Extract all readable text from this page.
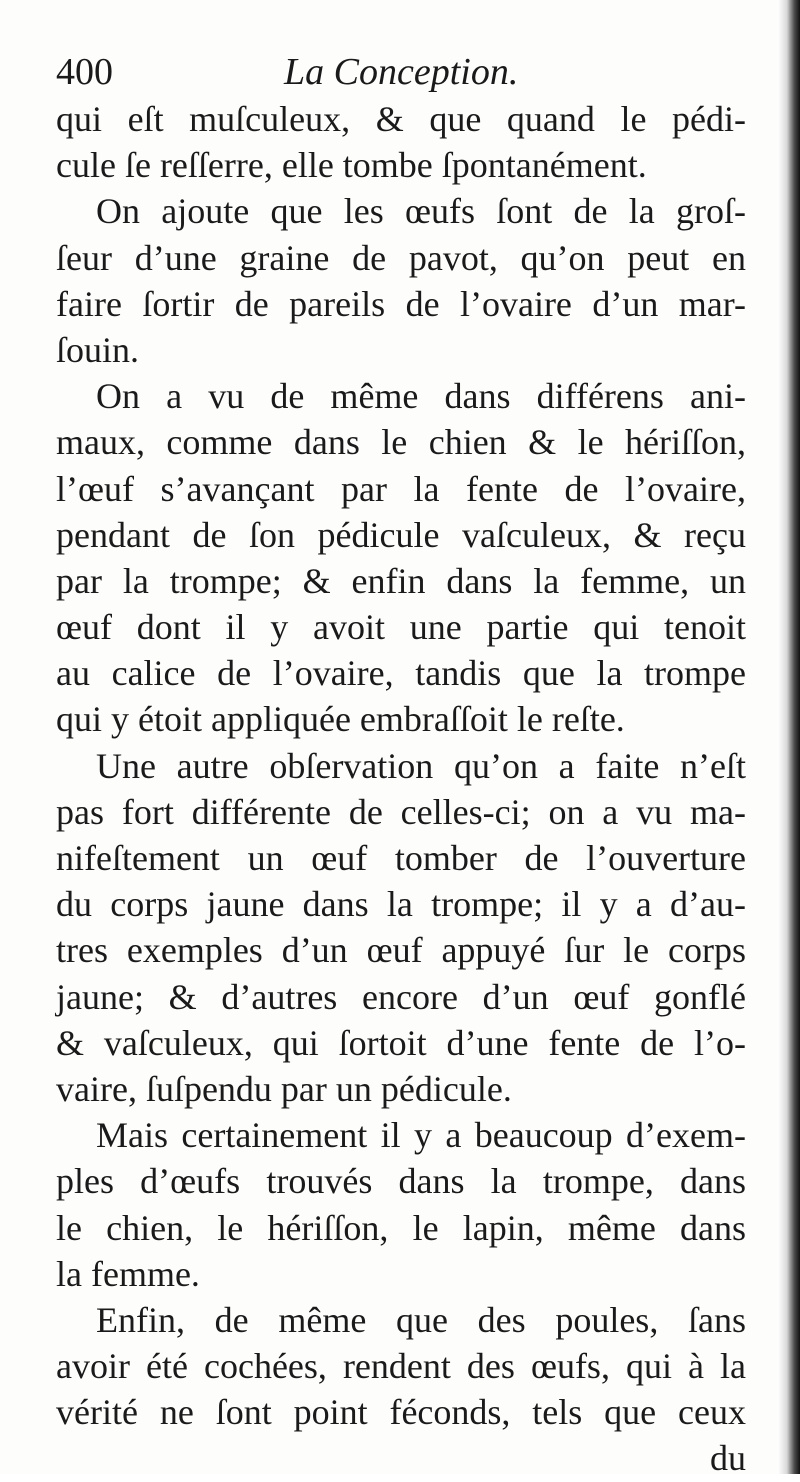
400	La Conception.
qui eſt muſculeux, & que quand le pédi-
cule ſe reſſerre, elle tombe ſpontanément.
On ajoute que les œufs ſont de la groſ-
ſeur d’une graine de pavot, qu’on peut en
faire ſortir de pareils de l’ovaire d’un mar-
ſouin.
On a vu de même dans différens ani-
maux, comme dans le chien & le hériſſon,
l’œuf s’avançant par la fente de l’ovaire,
pendant de ſon pédicule vaſculeux, & reçu
par la trompe; & enfin dans la femme, un
œuf dont il y avoit une partie qui tenoit
au calice de l’ovaire, tandis que la trompe
qui y étoit appliquée embraſſoit le reſte.
Une autre obſervation qu’on a faite n’eſt
pas fort différente de celles-ci; on a vu ma-
nifeſtement un œuf tomber de l’ouverture
du corps jaune dans la trompe; il y a d’au-
tres exemples d’un œuf appuyé ſur le corps
jaune; & d’autres encore d’un œuf gonflé
& vaſculeux, qui ſortoit d’une fente de l’o-
vaire, ſuſpendu par un pédicule.
Mais certainement il y a beaucoup d’exem-
ples d’œufs trouvés dans la trompe, dans
le chien, le hériſſon, le lapin, même dans
la femme.
Enfin, de même que des poules, ſans
avoir été cochées, rendent des œufs, qui à la
vérité ne ſont point féconds, tels que ceux
du
